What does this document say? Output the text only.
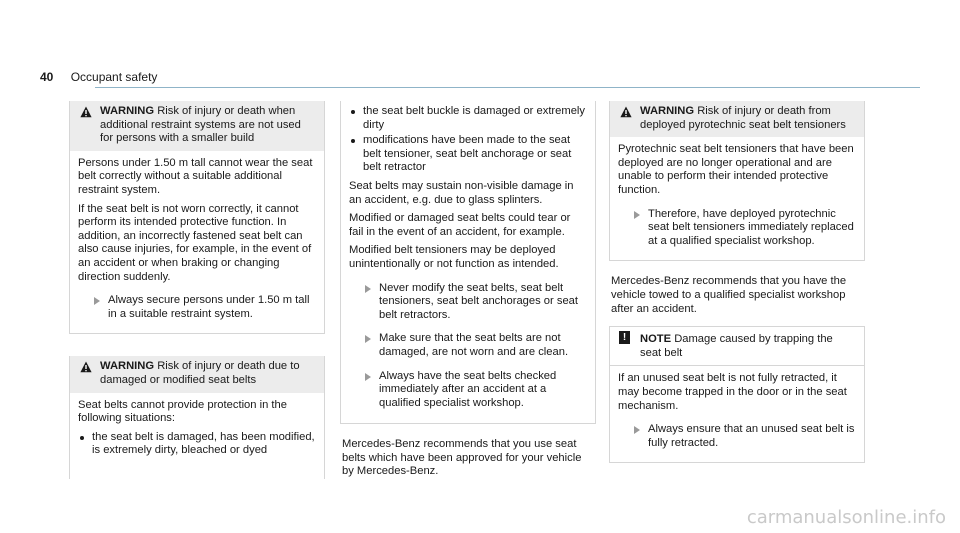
40 Occupant safety
WARNING Risk of injury or death when additional restraint systems are not used for persons with a smaller build

Persons under 1.50 m tall cannot wear the seat belt correctly without a suitable additional restraint system.

If the seat belt is not worn correctly, it cannot perform its intended protective function. In addition, an incorrectly fastened seat belt can also cause injuries, for example, in the event of an accident or when braking or changing direction suddenly.

Always secure persons under 1.50 m tall in a suitable restraint system.
WARNING Risk of injury or death due to damaged or modified seat belts

Seat belts cannot provide protection in the following situations:

the seat belt is damaged, has been modified, is extremely dirty, bleached or dyed
the seat belt buckle is damaged or extremely dirty
modifications have been made to the seat belt tensioner, seat belt anchorage or seat belt retractor

Seat belts may sustain non-visible damage in an accident, e.g. due to glass splinters.

Modified or damaged seat belts could tear or fail in the event of an accident, for example.

Modified belt tensioners may be deployed unintentionally or not function as intended.

Never modify the seat belts, seat belt tensioners, seat belt anchorages or seat belt retractors.
Make sure that the seat belts are not damaged, are not worn and are clean.
Always have the seat belts checked immediately after an accident at a qualified specialist workshop.

Mercedes-Benz recommends that you use seat belts which have been approved for your vehicle by Mercedes-Benz.

WARNING Risk of injury or death from deployed pyrotechnic seat belt tensioners

Pyrotechnic seat belt tensioners that have been deployed are no longer operational and are unable to perform their intended protective function.

Therefore, have deployed pyrotechnic seat belt tensioners immediately replaced at a qualified specialist workshop.

Mercedes-Benz recommends that you have the vehicle towed to a qualified specialist workshop after an accident.

!	NOTE Damage caused by trapping the seat belt

If an unused seat belt is not fully retracted, it may become trapped in the door or in the seat mechanism.

Always ensure that an unused seat belt is fully retracted.
carmanualsonline.info
